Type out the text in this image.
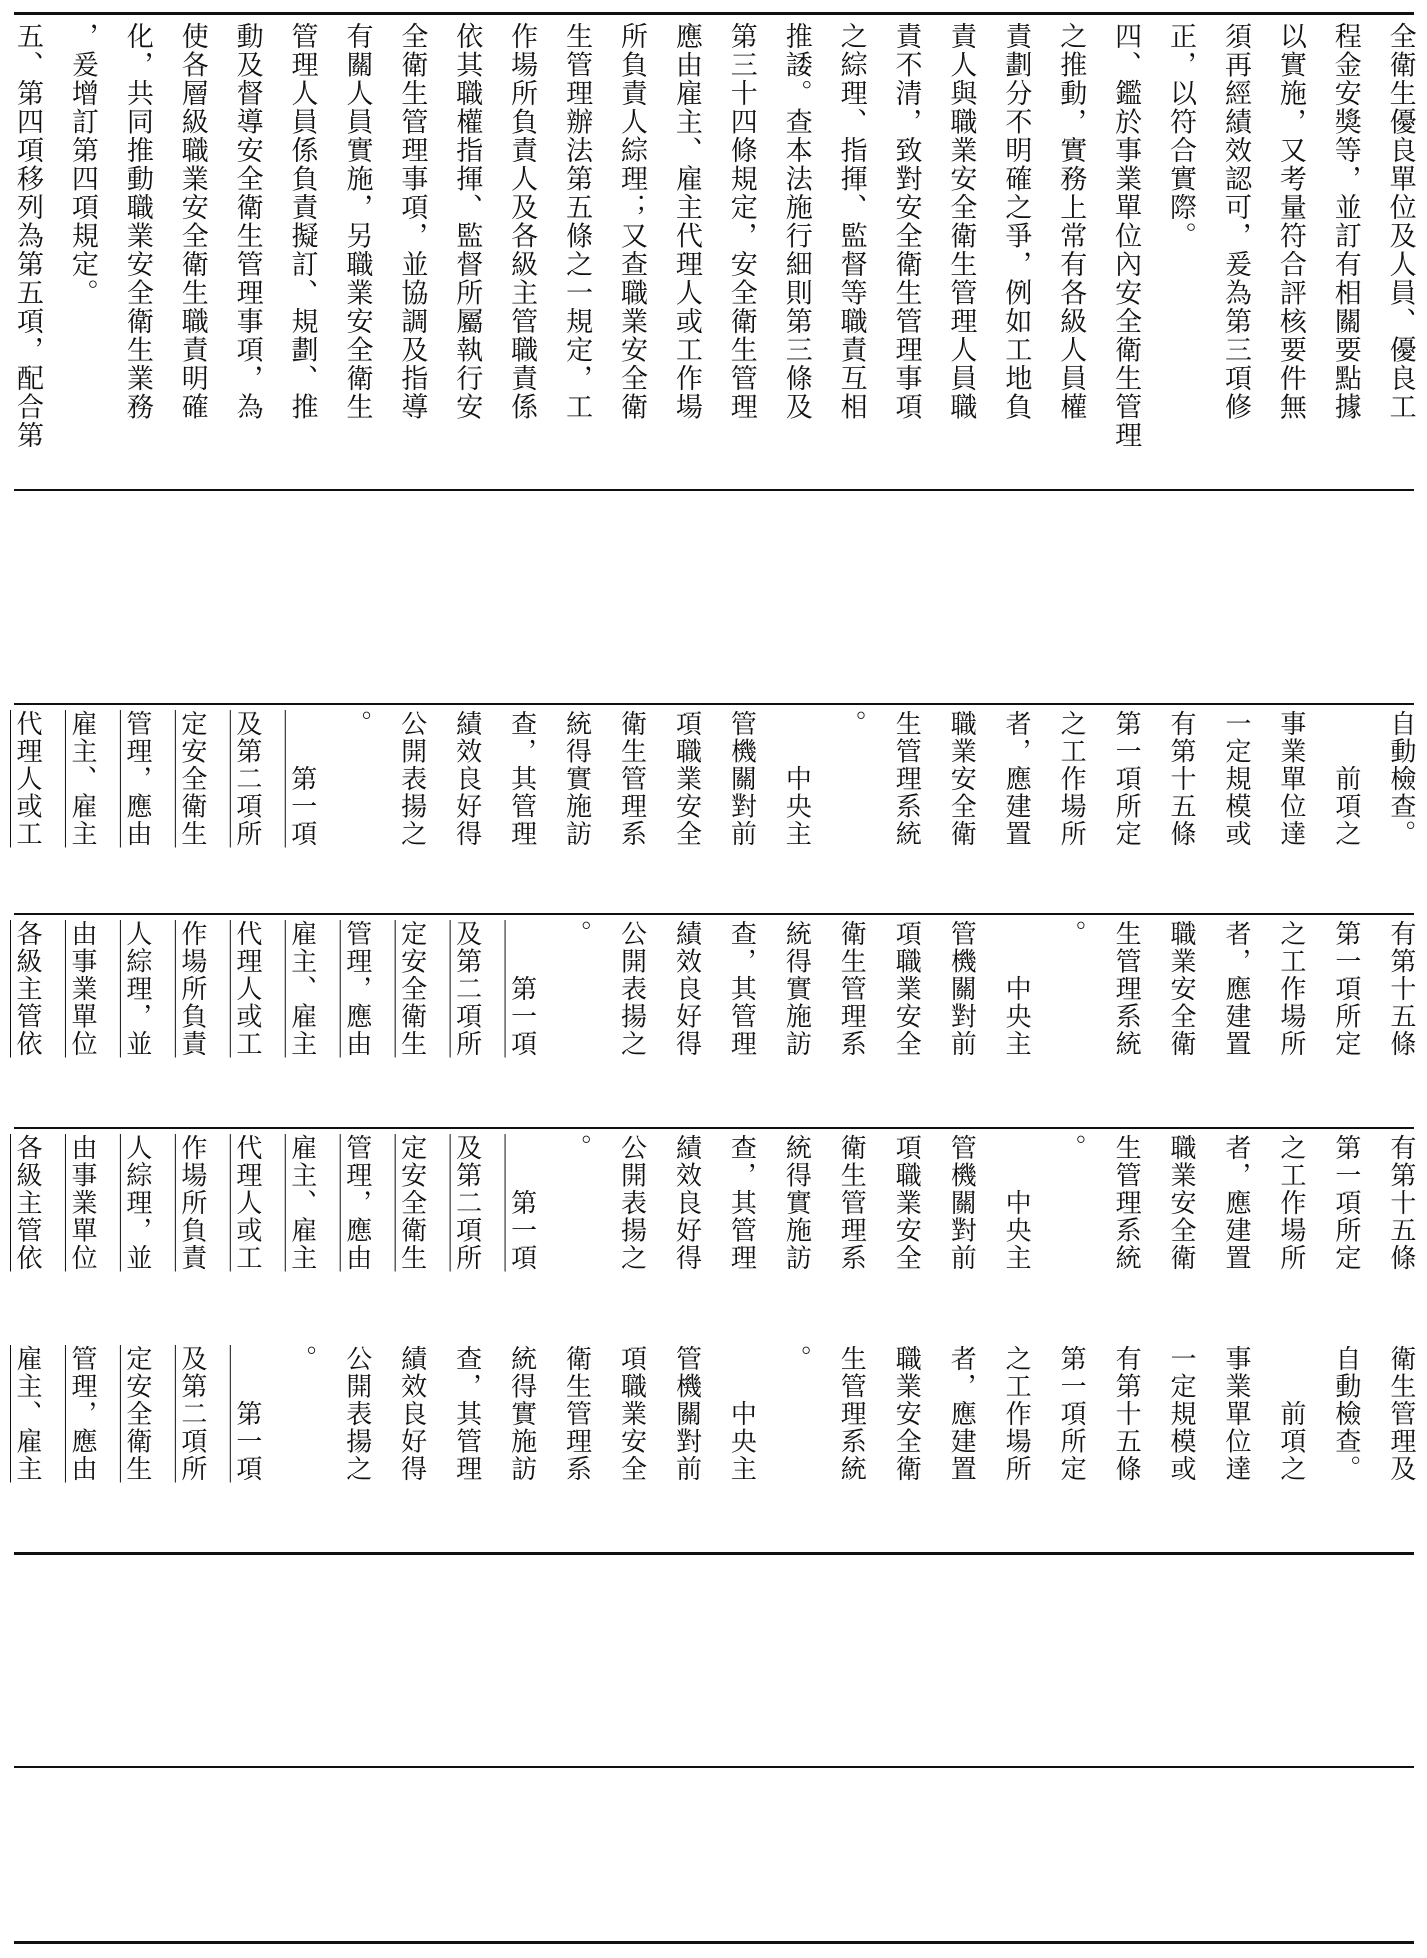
全衛生優良單位及人員、優良工
程金安獎等，並訂有相關要點據
以實施，又考量符合評核要件無
須再經績效認可，爰為第三項修
正，以符合實際。
四、鑑於事業單位內安全衛生管理
之推動，實務上常有各級人員權
責劃分不明確之爭，例如工地負
責人與職業安全衛生管理人員職
責不清，致對安全衛生管理事項
之綜理、指揮、監督等職責互相
推諉。查本法施行細則第三條及
第三十四條規定，安全衛生管理
應由雇主、雇主代理人或工作場
所負責人綜理；又查職業安全衛
生管理辦法第五條之一規定，工
作場所負責人及各級主管職責係
依其職權指揮、監督所屬執行安
全衛生管理事項，並協調及指導
有關人員實施，另職業安全衛生
管理人員係負責擬訂、規劃、推
動及督導安全衛生管理事項，為
使各層級職業安全衛生職責明確
化，共同推動職業安全衛生業務
，爰增訂第四項規定。
五、第四項移列為第五項，配合第
自動檢查。
　　前項之
事業單位達
一定規模或
有第十五條
第一項所定
之工作場所
者，應建置
職業安全衛
生管理系統
。
　　中央主
管機關對前
項職業安全
衛生管理系
統得實施訪
查，其管理
績效良好得
公開表揚之
。
　　第一項
及第二項所
定安全衛生
管理，應由
雇主、雇主
代理人或工
有第十五條
第一項所定
之工作場所
者，應建置
職業安全衛
生管理系統
。
　　中央主
管機關對前
項職業安全
衛生管理系
統得實施訪
查，其管理
績效良好得
公開表揚之
。
　　第一項
及第二項所
定安全衛生
管理，應由
雇主、雇主
代理人或工
作場所負責
人綜理，並
由事業單位
各級主管依
有第十五條
第一項所定
之工作場所
者，應建置
職業安全衛
生管理系統
。
　　中央主
管機關對前
項職業安全
衛生管理系
統得實施訪
查，其管理
績效良好得
公開表揚之
。
　　第一項
及第二項所
定安全衛生
管理，應由
雇主、雇主
代理人或工
作場所負責
人綜理，並
由事業單位
各級主管依
衛生管理及
自動檢查。
　　前項之
事業單位達
一定規模或
有第十五條
第一項所定
之工作場所
者，應建置
職業安全衛
生管理系統
。
　　中央主
管機關對前
項職業安全
衛生管理系
統得實施訪
查，其管理
績效良好得
公開表揚之
。
　　第一項
及第二項所
定安全衛生
管理，應由
雇主、雇主
